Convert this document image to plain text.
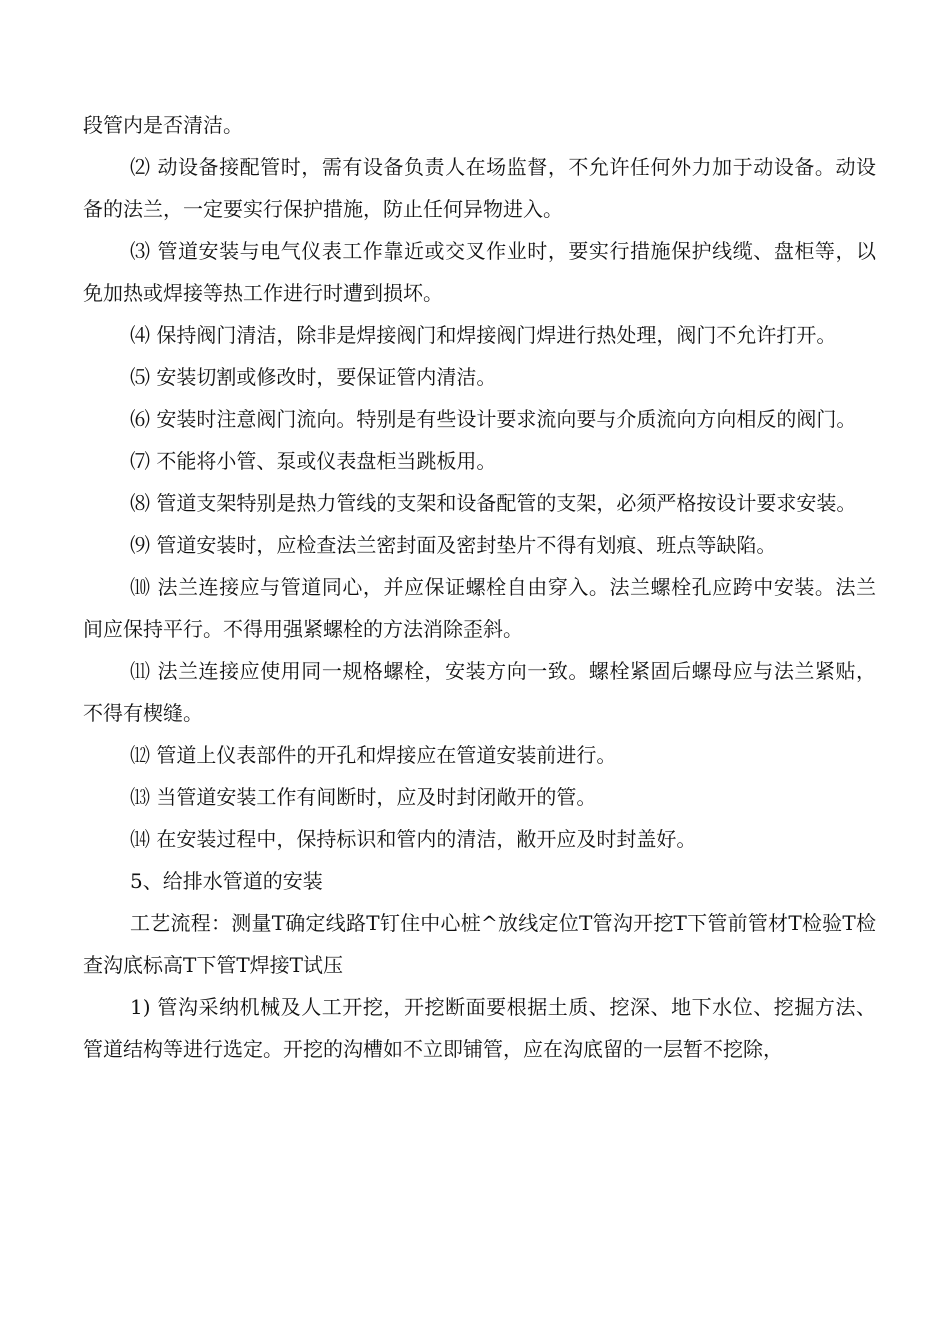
段管内是否清洁。

⑵ 动设备接配管时，需有设备负责人在场监督，不允许任何外力加于动设备。动设备的法兰，一定要实行保护措施，防止任何异物进入。

⑶ 管道安装与电气仪表工作靠近或交叉作业时，要实行措施保护线缆、盘柜等，以免加热或焊接等热工作进行时遭到损坏。

⑷ 保持阀门清洁，除非是焊接阀门和焊接阀门焊进行热处理，阀门不允许打开。

⑸ 安装切割或修改时，要保证管内清洁。

⑹ 安装时注意阀门流向。特别是有些设计要求流向要与介质流向方向相反的阀门。

⑺ 不能将小管、泵或仪表盘柜当跳板用。

⑻ 管道支架特别是热力管线的支架和设备配管的支架，必须严格按设计要求安装。

⑼ 管道安装时，应检查法兰密封面及密封垫片不得有划痕、班点等缺陷。

⑽ 法兰连接应与管道同心，并应保证螺栓自由穿入。法兰螺栓孔应跨中安装。法兰间应保持平行。不得用强紧螺栓的方法消除歪斜。

⑾ 法兰连接应使用同一规格螺栓，安装方向一致。螺栓紧固后螺母应与法兰紧贴，不得有楔缝。

⑿ 管道上仪表部件的开孔和焊接应在管道安装前进行。

⒀ 当管道安装工作有间断时，应及时封闭敞开的管。

⒁ 在安装过程中，保持标识和管内的清洁，敝开应及时封盖好。

5、给排水管道的安装

工艺流程：测量T确定线路T钉住中心桩^放线定位T管沟开挖T下管前管材T检验T检查沟底标高T下管T焊接T试压

1) 管沟采纳机械及人工开挖，开挖断面要根据土质、挖深、地下水位、挖掘方法、管道结构等进行选定。开挖的沟槽如不立即铺管，应在沟底留的一层暂不挖除，
